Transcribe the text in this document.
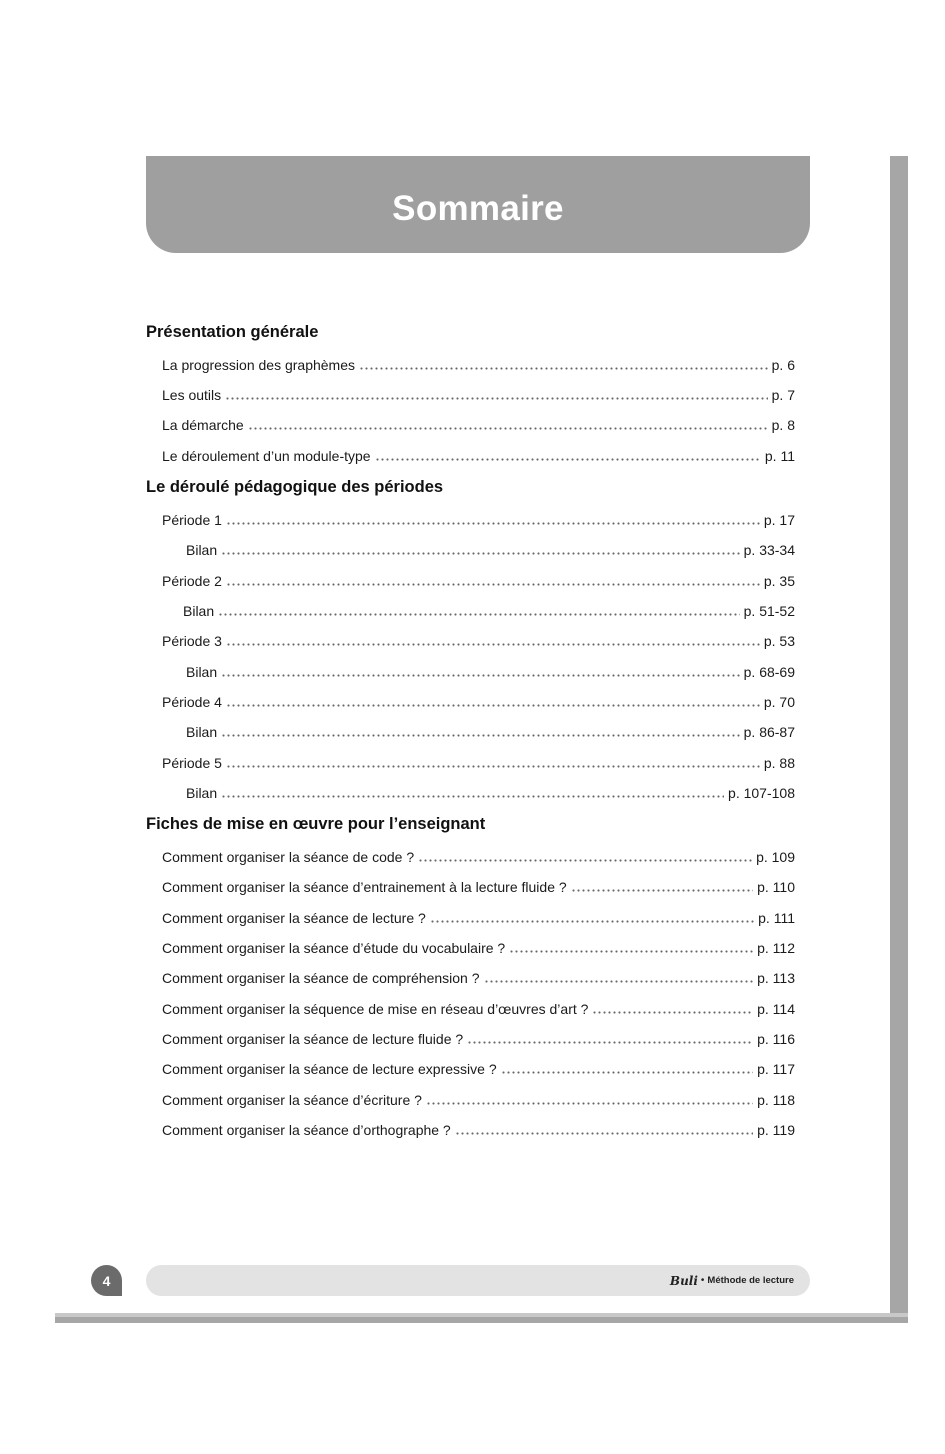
Sommaire
Présentation générale
La progression des graphèmes	p. 6
Les outils	p. 7
La démarche	p. 8
Le déroulement d’un module-type	p. 11
Le déroulé pédagogique des périodes
Période 1	p. 17
Bilan	p. 33-34
Période 2	p. 35
Bilan	p. 51-52
Période 3	p. 53
Bilan	p. 68-69
Période 4	p. 70
Bilan	p. 86-87
Période 5	p. 88
Bilan	p. 107-108
Fiches de mise en œuvre pour l’enseignant
Comment organiser la séance de code ?	p. 109
Comment organiser la séance d’entrainement à la lecture fluide ?	p. 110
Comment organiser la séance de lecture ?	p. 111
Comment organiser la séance d’étude du vocabulaire ?	p. 112
Comment organiser la séance de compréhension ?	p. 113
Comment organiser la séquence de mise en réseau d’œuvres d’art ?	p. 114
Comment organiser la séance de lecture fluide ?	p. 116
Comment organiser la séance de lecture expressive ?	p. 117
Comment organiser la séance d’écriture ?	p. 118
Comment organiser la séance d’orthographe ?	p. 119
4	Buli • Méthode de lecture
